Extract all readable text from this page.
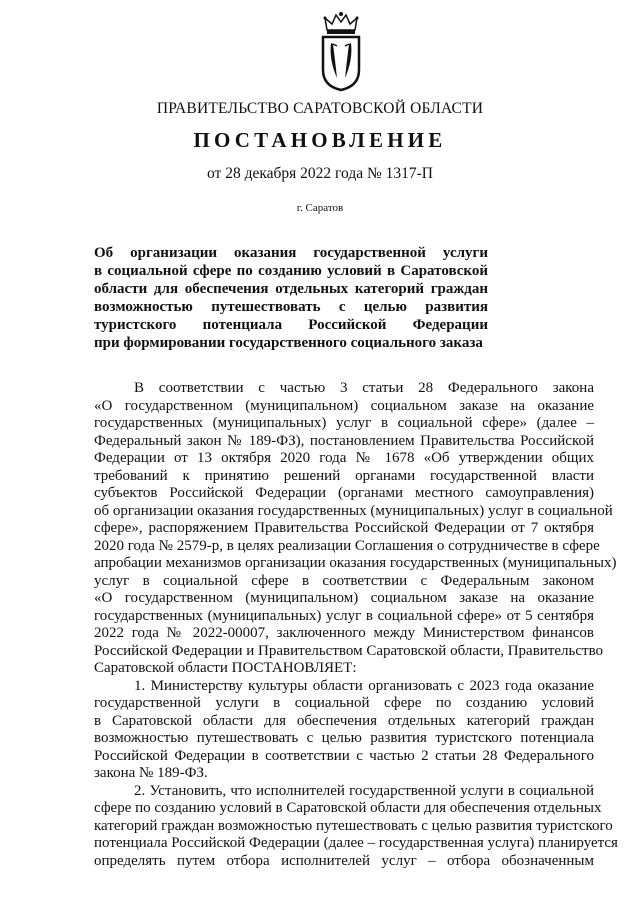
ПРАВИТЕЛЬСТВО САРАТОВСКОЙ ОБЛАСТИ
ПОСТАНОВЛЕНИЕ
от 28 декабря 2022 года № 1317-П
г. Саратов
Об организации оказания государственной услуги
в социальной сфере по созданию условий в Саратовской
области для обеспечения отдельных категорий граждан
возможностью путешествовать с целью развития
туристского потенциала Российской Федерации
при формировании государственного социального заказа
В соответствии с частью 3 статьи 28 Федерального закона
«О государственном (муниципальном) социальном заказе на оказание
государственных (муниципальных) услуг в социальной сфере» (далее –
Федеральный закон № 189-ФЗ), постановлением Правительства Российской
Федерации от 13 октября 2020 года № 1678 «Об утверждении общих
требований к принятию решений органами государственной власти
субъектов Российской Федерации (органами местного самоуправления)
об организации оказания государственных (муниципальных) услуг в социальной
сфере», распоряжением Правительства Российской Федерации от 7 октября
2020 года № 2579-р, в целях реализации Соглашения о сотрудничестве в сфере
апробации механизмов организации оказания государственных (муниципальных)
услуг в социальной сфере в соответствии с Федеральным законом
«О государственном (муниципальном) социальном заказе на оказание
государственных (муниципальных) услуг в социальной сфере» от 5 сентября
2022 года № 2022-00007, заключенного между Министерством финансов
Российской Федерации и Правительством Саратовской области, Правительство
Саратовской области ПОСТАНОВЛЯЕТ:
1. Министерству культуры области организовать с 2023 года оказание
государственной услуги в социальной сфере по созданию условий
в Саратовской области для обеспечения отдельных категорий граждан
возможностью путешествовать с целью развития туристского потенциала
Российской Федерации в соответствии с частью 2 статьи 28 Федерального
закона № 189-ФЗ.
2. Установить, что исполнителей государственной услуги в социальной
сфере по созданию условий в Саратовской области для обеспечения отдельных
категорий граждан возможностью путешествовать с целью развития туристского
потенциала Российской Федерации (далее – государственная услуга) планируется
определять путем отбора исполнителей услуг – отбора обозначенным
